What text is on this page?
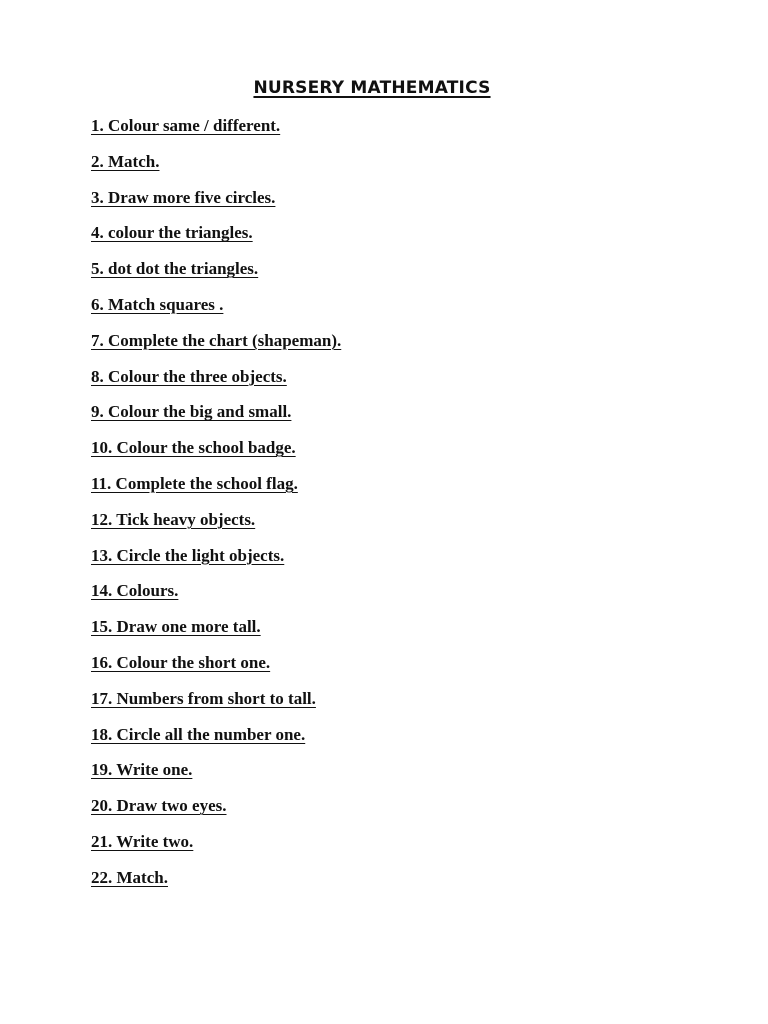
NURSERY MATHEMATICS
1. Colour same / different.
2. Match.
3. Draw more five circles.
4. colour the triangles.
5. dot dot the triangles.
6. Match squares .
7. Complete the chart (shapeman).
8. Colour the three objects.
9. Colour the big and small.
10. Colour the school badge.
11. Complete the school flag.
12. Tick heavy objects.
13. Circle the light objects.
14. Colours.
15. Draw one more tall.
16. Colour the short one.
17. Numbers from short to tall.
18. Circle all the number one.
19. Write one.
20. Draw two eyes.
21. Write two.
22. Match.
